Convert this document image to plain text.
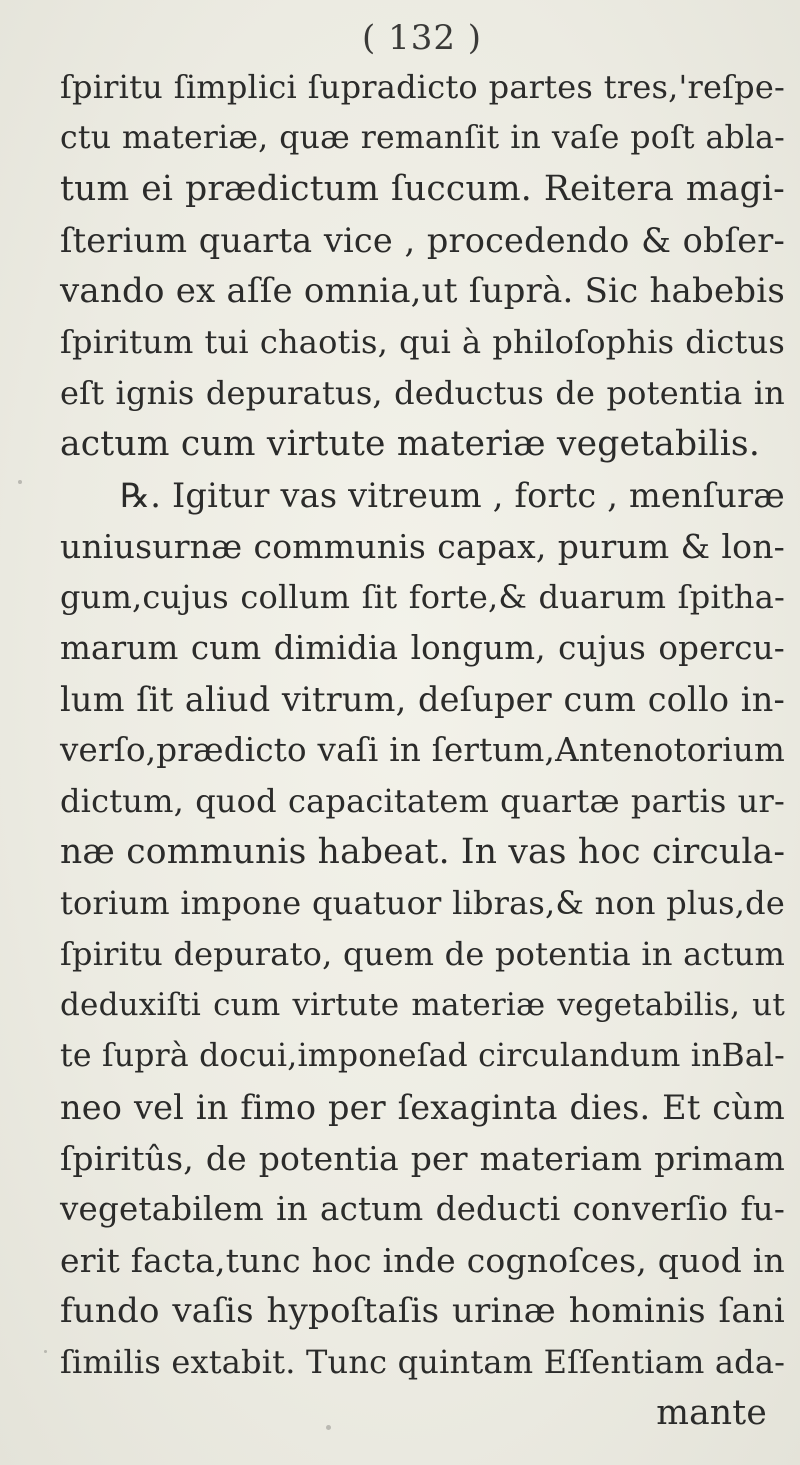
( 132 )
ſpiritu ſimplici ſupradicto partes tres,'reſpe-
ctu materiæ, quæ remanſit in vaſe poſt abla-
tum ei prædictum ſuccum. Reitera magi-
ſterium quarta vice , procedendo & obſer-
vando ex aſſe omnia,ut ſuprà. Sic habebis
ſpiritum tui chaotis, qui à philoſophis dictus
eſt ignis depuratus, deductus de potentia in
actum cum virtute materiæ vegetabilis.
℞. Igitur vas vitreum , fortc , menſuræ
uniusurnæ communis capax, purum & lon-
gum,cujus collum ſit forte,& duarum ſpitha-
marum cum dimidia longum, cujus opercu-
lum ſit aliud vitrum, deſuper cum collo in-
verſo,prædicto vaſi in ſertum,Antenotorium
dictum, quod capacitatem quartæ partis ur-
næ communis habeat. In vas hoc circula-
torium impone quatuor libras,& non plus,de
ſpiritu depurato, quem de potentia in actum
deduxiſti cum virtute materiæ vegetabilis, ut
te ſuprà docui,imponeſad circulandum inBal-
neo vel in fimo per ſexaginta dies. Et cùm
ſpiritûs, de potentia per materiam primam
vegetabilem in actum deducti converſio fu-
erit facta,tunc hoc inde cognoſces, quod in
fundo vaſis hypoſtaſis urinæ hominis ſani
ſimilis extabit. Tunc quintam Eſſentiam ada-
mante
